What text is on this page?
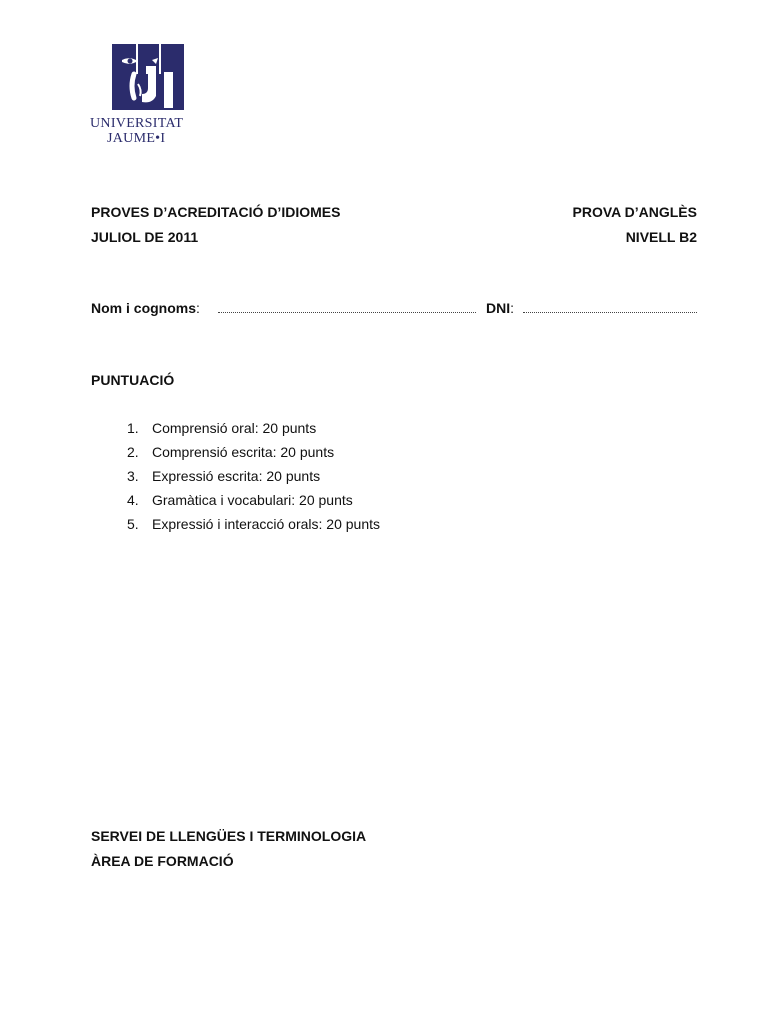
UNIVERSITAT
JAUME•I
PROVES D’ACREDITACIÓ D’IDIOMES
JULIOL DE 2011
PROVA D’ANGLÈS
NIVELL B2
Nom i cognoms:	DNI:
PUNTUACIÓ
1. Comprensió oral: 20 punts
2. Comprensió escrita: 20 punts
3. Expressió escrita: 20 punts
4. Gramàtica i vocabulari: 20 punts
5. Expressió i interacció orals: 20 punts
SERVEI DE LLENGÜES I TERMINOLOGIA
ÀREA DE FORMACIÓ
